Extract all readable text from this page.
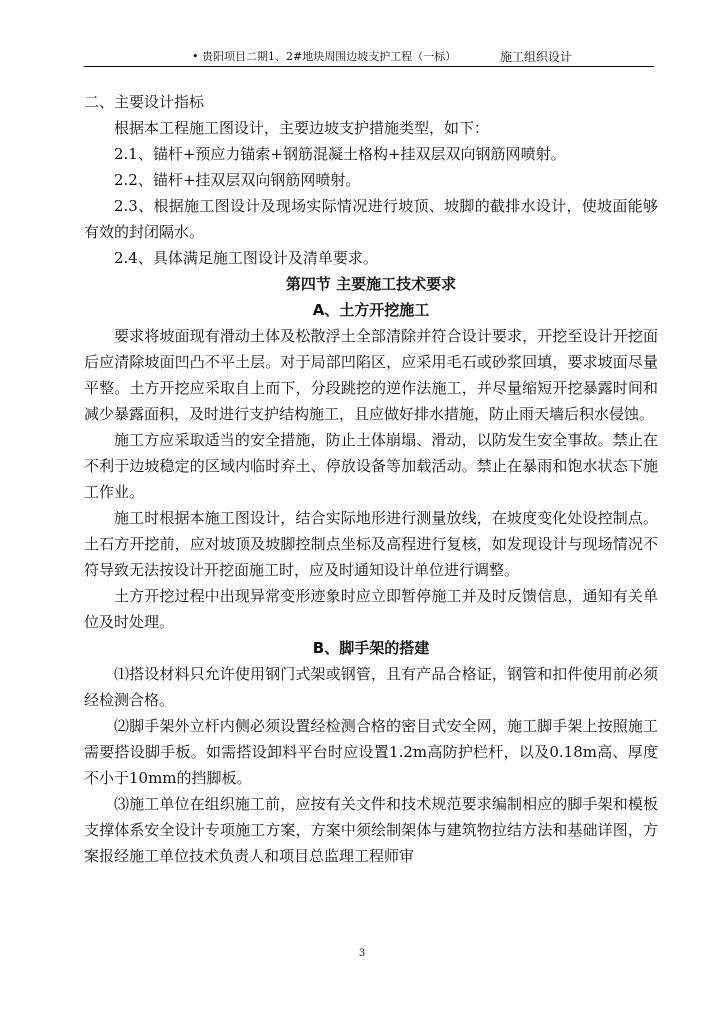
• 贵阳项目二期1、2#地块周围边坡支护工程（一标）	施工组织设计

二、主要设计指标

根据本工程施工图设计，主要边坡支护措施类型，如下：

2.1、锚杆+预应力锚索+钢筋混凝土格构+挂双层双向钢筋网喷射。

2.2、锚杆+挂双层双向钢筋网喷射。

2.3、根据施工图设计及现场实际情况进行坡顶、坡脚的截排水设计，使坡面能够有效的封闭隔水。

2.4、具体满足施工图设计及清单要求。

第四节 主要施工技术要求

A、土方开挖施工

要求将坡面现有滑动土体及松散浮土全部清除并符合设计要求，开挖至设计开挖面后应清除坡面凹凸不平土层。对于局部凹陷区，应采用毛石或砂浆回填，要求坡面尽量平整。土方开挖应采取自上而下，分段跳挖的逆作法施工，并尽量缩短开挖暴露时间和减少暴露面积，及时进行支护结构施工，且应做好排水措施，防止雨天墙后积水侵蚀。

施工方应采取适当的安全措施，防止土体崩塌、滑动，以防发生安全事故。禁止在不利于边坡稳定的区域内临时弃土、停放设备等加载活动。禁止在暴雨和饱水状态下施工作业。

施工时根据本施工图设计，结合实际地形进行测量放线，在坡度变化处设控制点。土石方开挖前，应对坡顶及坡脚控制点坐标及高程进行复核，如发现设计与现场情况不符导致无法按设计开挖面施工时，应及时通知设计单位进行调整。

土方开挖过程中出现异常变形迹象时应立即暂停施工并及时反馈信息，通知有关单位及时处理。

B、脚手架的搭建

⑴搭设材料只允许使用钢门式架或钢管，且有产品合格证，钢管和扣件使用前必须经检测合格。

⑵脚手架外立杆内侧必须设置经检测合格的密目式安全网，施工脚手架上按照施工需要搭设脚手板。如需搭设卸料平台时应设置1.2m高防护栏杆，以及0.18m高、厚度不小于10mm的挡脚板。

⑶施工单位在组织施工前，应按有关文件和技术规范要求编制相应的脚手架和模板支撑体系安全设计专项施工方案，方案中须绘制架体与建筑物拉结方法和基础详图，方案报经施工单位技术负责人和项目总监理工程师审

3
